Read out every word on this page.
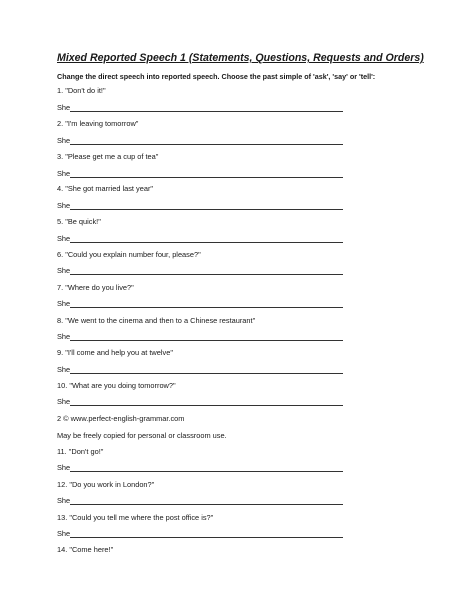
Mixed Reported Speech 1 (Statements, Questions, Requests and Orders)
Change the direct speech into reported speech. Choose the past simple of 'ask', 'say' or 'tell':
1. "Don't do it!"
She
2. "I'm leaving tomorrow"
She
3. "Please get me a cup of tea"
She
4. "She got married last year"
She
5. "Be quick!"
She
6. "Could you explain number four, please?"
She
7. "Where do you live?"
She
8. "We went to the cinema and then to a Chinese restaurant"
She
9. "I'll come and help you at twelve"
She
10. "What are you doing tomorrow?"
She
2 © www.perfect-english-grammar.com
May be freely copied for personal or classroom use.
11. "Don't go!"
She
12. "Do you work in London?"
She
13. "Could you tell me where the post office is?"
She
14. "Come here!"
